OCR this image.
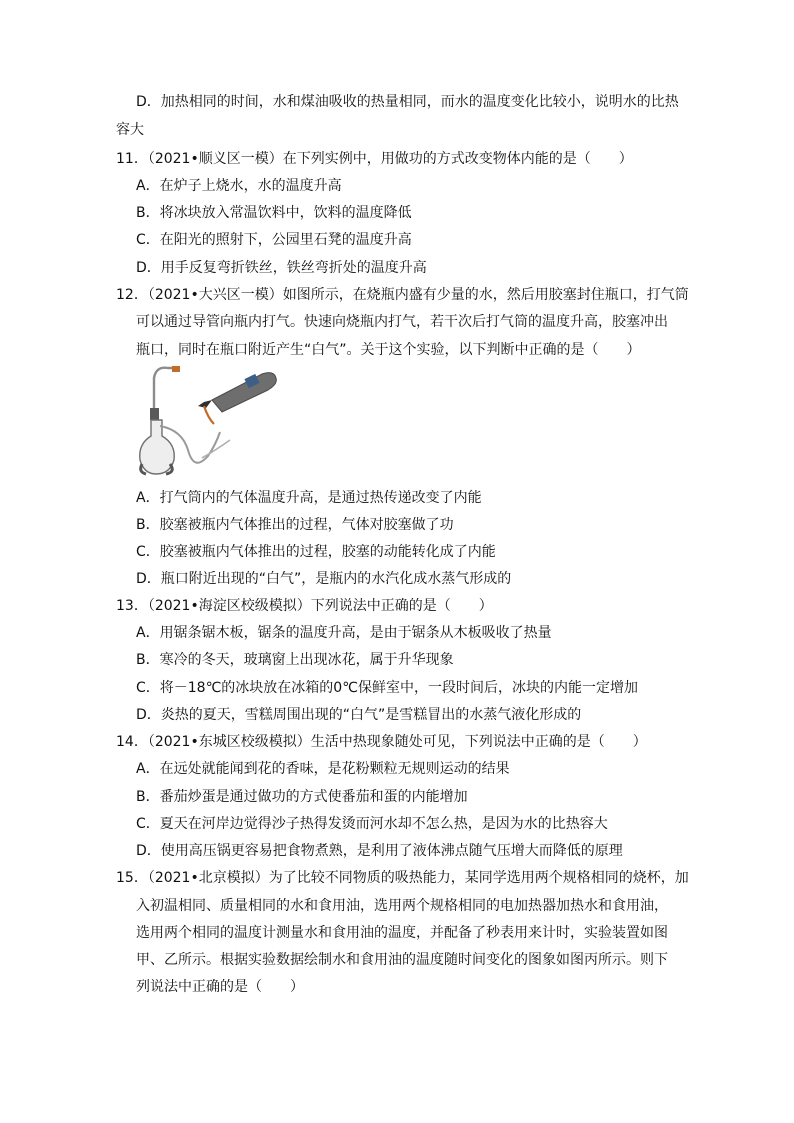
D．加热相同的时间，水和煤油吸收的热量相同，而水的温度变化比较小，说明水的比热
容大
11．（2021•顺义区一模）在下列实例中，用做功的方式改变物体内能的是（　　）
A．在炉子上烧水，水的温度升高
B．将冰块放入常温饮料中，饮料的温度降低
C．在阳光的照射下，公园里石凳的温度升高
D．用手反复弯折铁丝，铁丝弯折处的温度升高
12．（2021•大兴区一模）如图所示，在烧瓶内盛有少量的水，然后用胶塞封住瓶口，打气筒
可以通过导管向瓶内打气。快速向烧瓶内打气，若干次后打气筒的温度升高，胶塞冲出
瓶口，同时在瓶口附近产生“白气”。关于这个实验，以下判断中正确的是（　　）
A．打气筒内的气体温度升高，是通过热传递改变了内能
B．胶塞被瓶内气体推出的过程，气体对胶塞做了功
C．胶塞被瓶内气体推出的过程，胶塞的动能转化成了内能
D．瓶口附近出现的“白气”，是瓶内的水汽化成水蒸气形成的
13．（2021•海淀区校级模拟）下列说法中正确的是（　　）
A．用锯条锯木板，锯条的温度升高，是由于锯条从木板吸收了热量
B．寒冷的冬天，玻璃窗上出现冰花，属于升华现象
C．将－18℃的冰块放在冰箱的0℃保鲜室中，一段时间后，冰块的内能一定增加
D．炎热的夏天，雪糕周围出现的“白气”是雪糕冒出的水蒸气液化形成的
14．（2021•东城区校级模拟）生活中热现象随处可见，下列说法中正确的是（　　）
A．在远处就能闻到花的香味，是花粉颗粒无规则运动的结果
B．番茄炒蛋是通过做功的方式使番茄和蛋的内能增加
C．夏天在河岸边觉得沙子热得发烫而河水却不怎么热，是因为水的比热容大
D．使用高压锅更容易把食物煮熟，是利用了液体沸点随气压增大而降低的原理
15．（2021•北京模拟）为了比较不同物质的吸热能力，某同学选用两个规格相同的烧杯，加
入初温相同、质量相同的水和食用油，选用两个规格相同的电加热器加热水和食用油，
选用两个相同的温度计测量水和食用油的温度，并配备了秒表用来计时，实验装置如图
甲、乙所示。根据实验数据绘制水和食用油的温度随时间变化的图象如图丙所示。则下
列说法中正确的是（　　）
